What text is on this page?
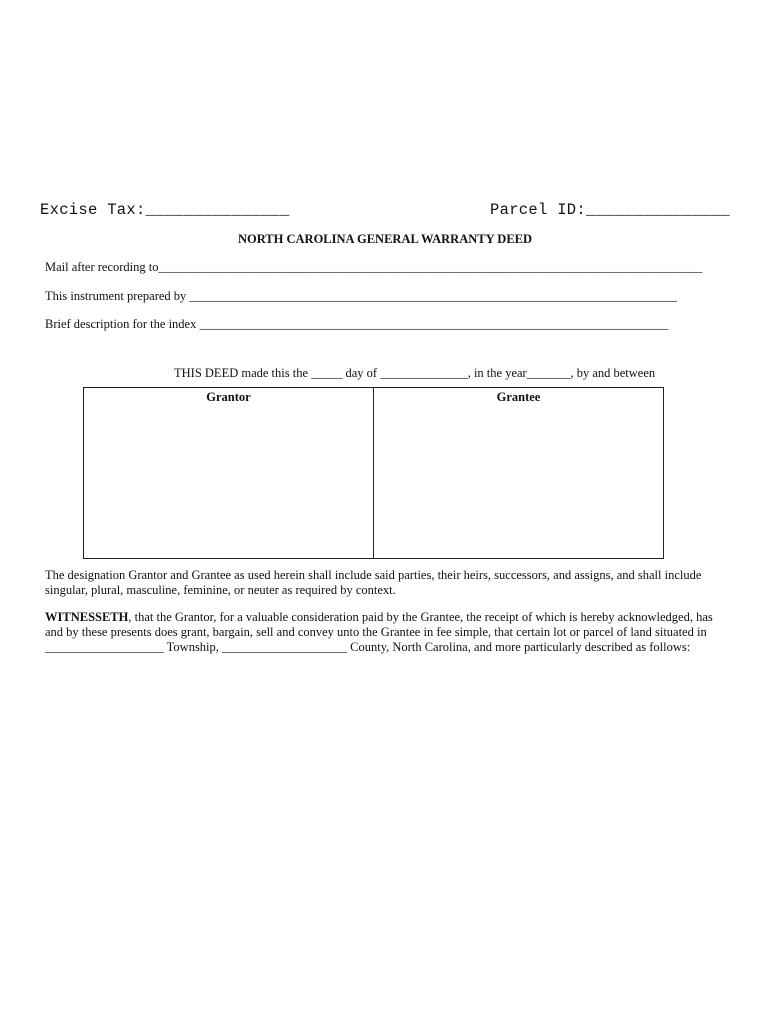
Excise Tax:_______________	Parcel ID:_______________
NORTH CAROLINA GENERAL WARRANTY DEED
Mail after recording to_______________________________________________________________________________________
This instrument prepared by ______________________________________________________________________________
Brief description for the index ___________________________________________________________________________
THIS DEED made this the _____ day of ______________, in the year_______, by and between
Grantor	Grantee
The designation Grantor and Grantee as used herein shall include said parties, their heirs, successors, and assigns, and shall include singular, plural, masculine, feminine, or neuter as required by context.
WITNESSETH, that the Grantor, for a valuable consideration paid by the Grantee, the receipt of which is hereby acknowledged, has and by these presents does grant, bargain, sell and convey unto the Grantee in fee simple, that certain lot or parcel of land situated in ___________________ Township, ____________________ County, North Carolina, and more particularly described as follows:
